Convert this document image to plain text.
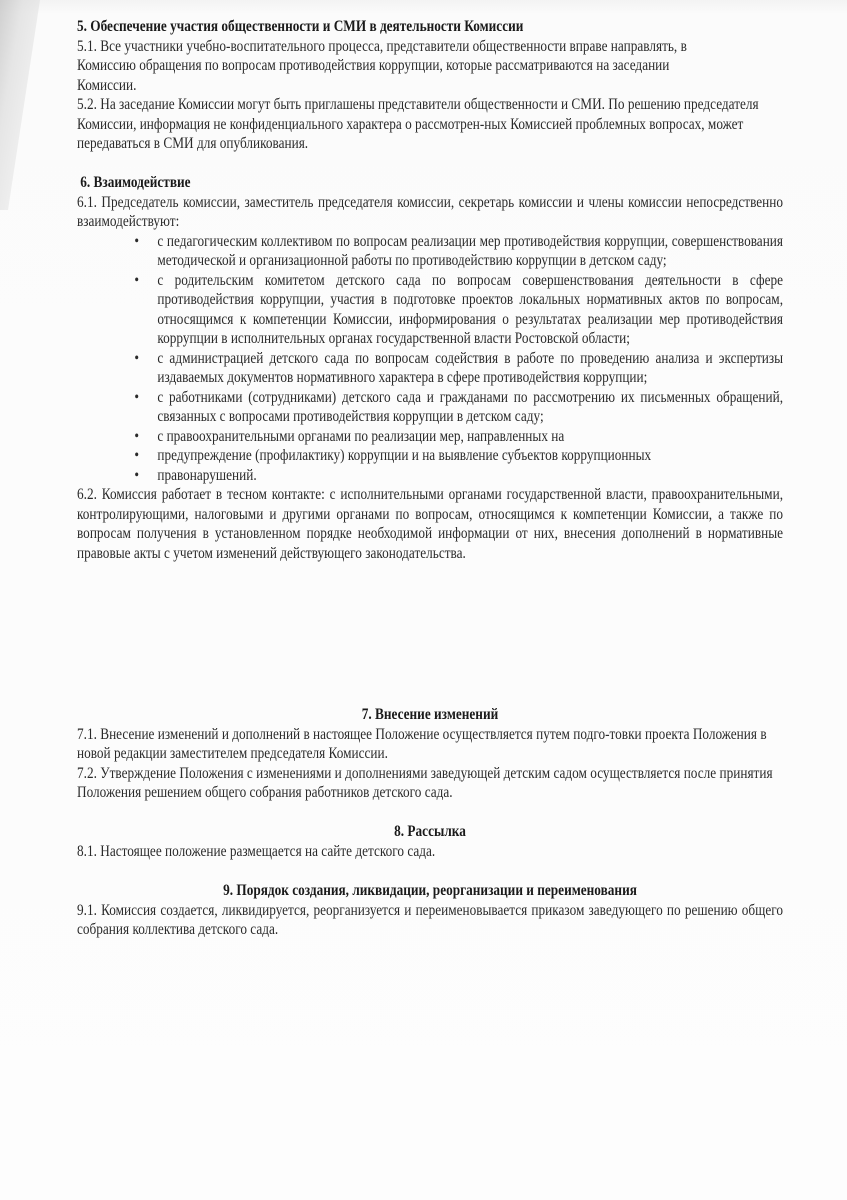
5. Обеспечение участия общественности и СМИ в деятельности Комиссии

5.1. Все участники учебно-воспитательного процесса, представители общественности вправе направлять, в Комиссию обращения по вопросам противодействия коррупции, которые рассматриваются на заседании Комиссии.

5.2. На заседание Комиссии могут быть приглашены представители общественности и СМИ. По решению председателя Комиссии, информация не конфиденциального характера о рассмотрен-ных Комиссией проблемных вопросах, может передаваться в СМИ для опубликования.

6. Взаимодействие

6.1. Председатель комиссии, заместитель председателя комиссии, секретарь комиссии и члены комиссии непосредственно взаимодействуют:

• с педагогическим коллективом по вопросам реализации мер противодействия коррупции, совершенствования методической и организационной работы по противодействию коррупции в детском саду;
• с родительским комитетом детского сада по вопросам совершенствования деятельности в сфере противодействия коррупции, участия в подготовке проектов локальных нормативных актов по вопросам, относящимся к компетенции Комиссии, информирования о результатах реализации мер противодействия коррупции в исполнительных органах государственной власти Ростовской области;
• с администрацией детского сада по вопросам содействия в работе по проведению анализа и экспертизы издаваемых документов нормативного характера в сфере противодействия коррупции;
• с работниками (сотрудниками) детского сада и гражданами по рассмотрению их письменных обращений, связанных с вопросами противодействия коррупции в детском саду;
• с правоохранительными органами по реализации мер, направленных на
• предупреждение (профилактику) коррупции и на выявление субъектов коррупционных
• правонарушений.

6.2. Комиссия работает в тесном контакте: с исполнительными органами государственной власти, правоохранительными, контролирующими, налоговыми и другими органами по вопросам, относящимся к компетенции Комиссии, а также по вопросам получения в установленном порядке необходимой информации от них, внесения дополнений в нормативные правовые акты с учетом изменений действующего законодательства.

7. Внесение изменений

7.1. Внесение изменений и дополнений в настоящее Положение осуществляется путем подго-товки проекта Положения в новой редакции заместителем председателя Комиссии.

7.2. Утверждение Положения с изменениями и дополнениями заведующей детским садом осуществляется после принятия Положения решением общего собрания работников детского сада.

8. Рассылка

8.1. Настоящее положение размещается на сайте детского сада.

9. Порядок создания, ликвидации, реорганизации и переименования

9.1. Комиссия создается, ликвидируется, реорганизуется и переименовывается приказом заведующего по решению общего собрания коллектива детского сада.
